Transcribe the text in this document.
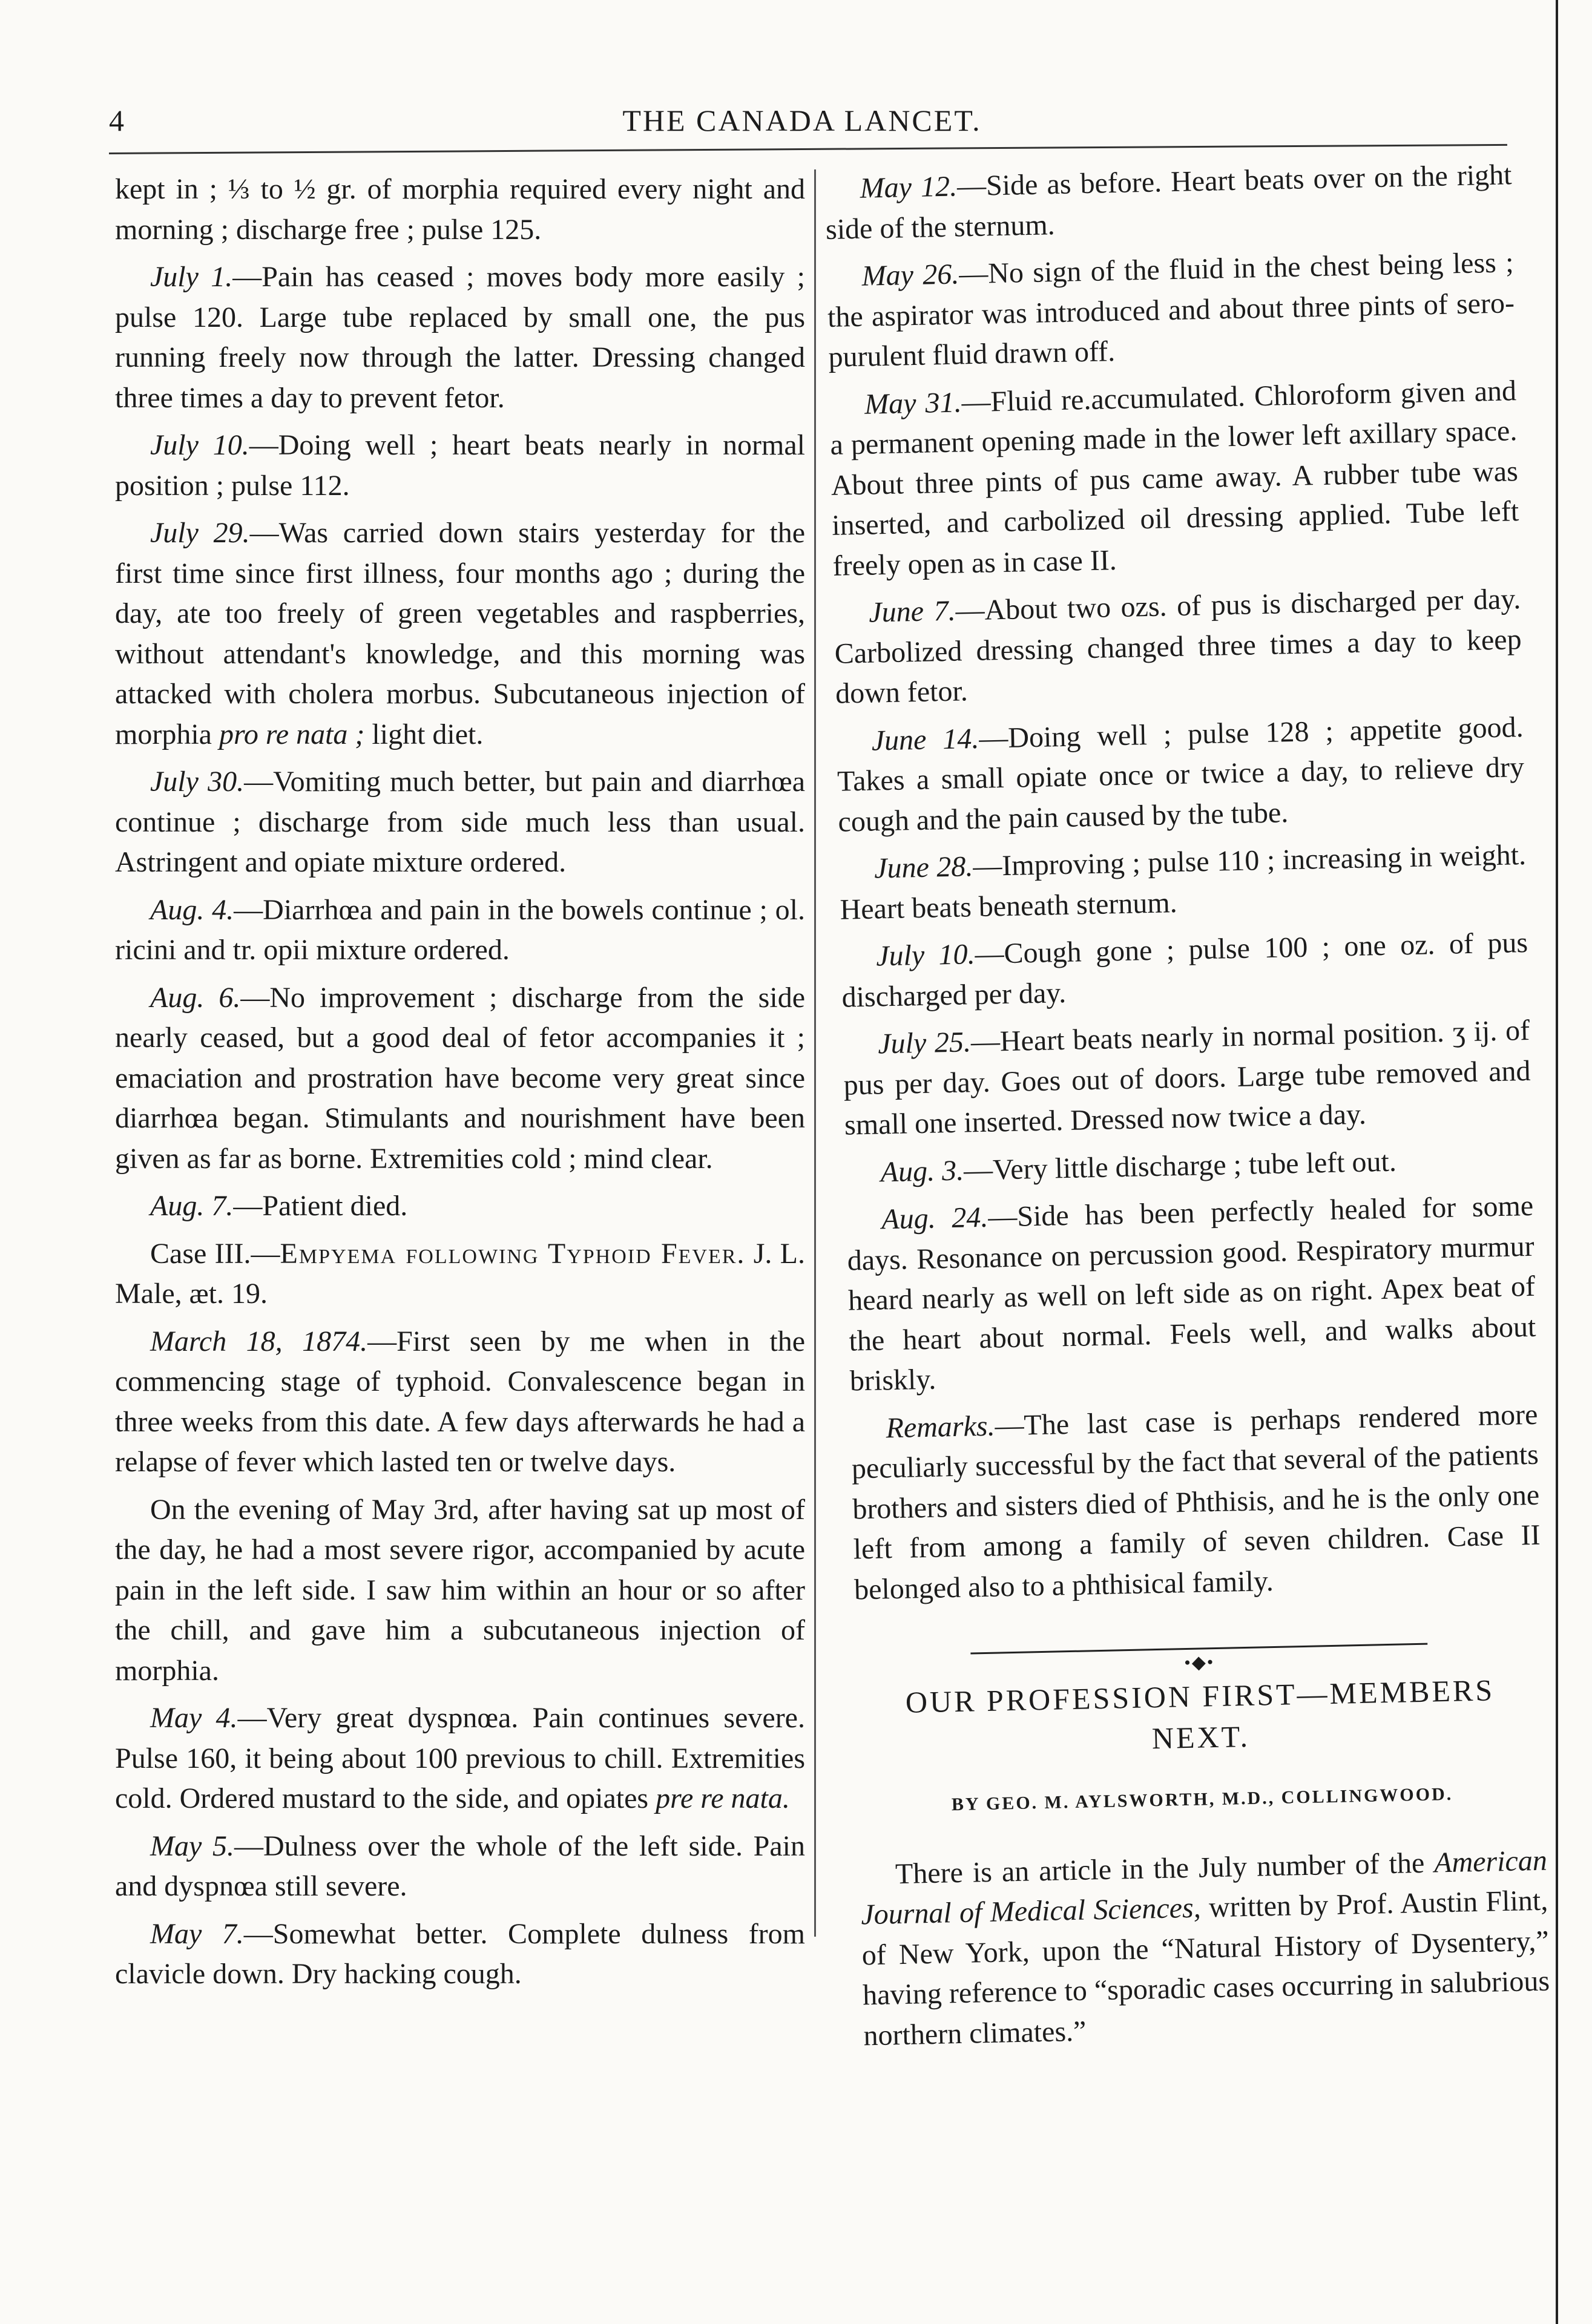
4	THE CANADA LANCET.

kept in ; ⅓ to ½ gr. of morphia required every night and morning ; discharge free ; pulse 125.

July 1.—Pain has ceased ; moves body more easily ; pulse 120. Large tube replaced by small one, the pus running freely now through the latter. Dressing changed three times a day to prevent fetor.

July 10.—Doing well ; heart beats nearly in normal position ; pulse 112.

July 29.—Was carried down stairs yesterday for the first time since first illness, four months ago ; during the day, ate too freely of green vegetables and raspberries, without attendant's knowledge, and this morning was attacked with cholera morbus. Subcutaneous injection of morphia pro re nata ; light diet.

July 30.—Vomiting much better, but pain and diarrhœa continue ; discharge from side much less than usual. Astringent and opiate mixture ordered.

Aug. 4.—Diarrhœa and pain in the bowels continue ; ol. ricini and tr. opii mixture ordered.

Aug. 6.—No improvement ; discharge from the side nearly ceased, but a good deal of fetor accompanies it ; emaciation and prostration have become very great since diarrhœa began. Stimulants and nourishment have been given as far as borne. Extremities cold ; mind clear.

Aug. 7.—Patient died.

Case III.—Empyema following Typhoid Fever. J. L. Male, æt. 19.

March 18, 1874.—First seen by me when in the commencing stage of typhoid. Convalescence began in three weeks from this date. A few days afterwards he had a relapse of fever which lasted ten or twelve days.

On the evening of May 3rd, after having sat up most of the day, he had a most severe rigor, accompanied by acute pain in the left side. I saw him within an hour or so after the chill, and gave him a subcutaneous injection of morphia.

May 4.—Very great dyspnœa. Pain continues severe. Pulse 160, it being about 100 previous to chill. Extremities cold. Ordered mustard to the side, and opiates pre re nata.

May 5.—Dulness over the whole of the left side. Pain and dyspnœa still severe.

May 7.—Somewhat better. Complete dulness from clavicle down. Dry hacking cough.

May 12.—Side as before. Heart beats over on the right side of the sternum.

May 26.—No sign of the fluid in the chest being less ; the aspirator was introduced and about three pints of sero-purulent fluid drawn off.

May 31.—Fluid re.accumulated. Chloroform given and a permanent opening made in the lower left axillary space. About three pints of pus came away. A rubber tube was inserted, and carbolized oil dressing applied. Tube left freely open as in case II.

June 7.—About two ozs. of pus is discharged per day. Carbolized dressing changed three times a day to keep down fetor.

June 14.—Doing well ; pulse 128 ; appetite good. Takes a small opiate once or twice a day, to relieve dry cough and the pain caused by the tube.

June 28.—Improving ; pulse 110 ; increasing in weight. Heart beats beneath sternum.

July 10.—Cough gone ; pulse 100 ; one oz. of pus discharged per day.

July 25.—Heart beats nearly in normal position. ʒ ij. of pus per day. Goes out of doors. Large tube removed and small one inserted. Dressed now twice a day.

Aug. 3.—Very little discharge ; tube left out.

Aug. 24.—Side has been perfectly healed for some days. Resonance on percussion good. Respiratory murmur heard nearly as well on left side as on right. Apex beat of the heart about normal. Feels well, and walks about briskly.

Remarks.—The last case is perhaps rendered more peculiarly successful by the fact that several of the patients brothers and sisters died of Phthisis, and he is the only one left from among a family of seven children. Case II belonged also to a phthisical family.

•◆•
OUR PROFESSION FIRST—MEMBERS NEXT.
BY GEO. M. AYLSWORTH, M.D., COLLINGWOOD.

There is an article in the July number of the American Journal of Medical Sciences, written by Prof. Austin Flint, of New York, upon the “Natural History of Dysentery,” having reference to “sporadic cases occurring in salubrious northern climates.”
